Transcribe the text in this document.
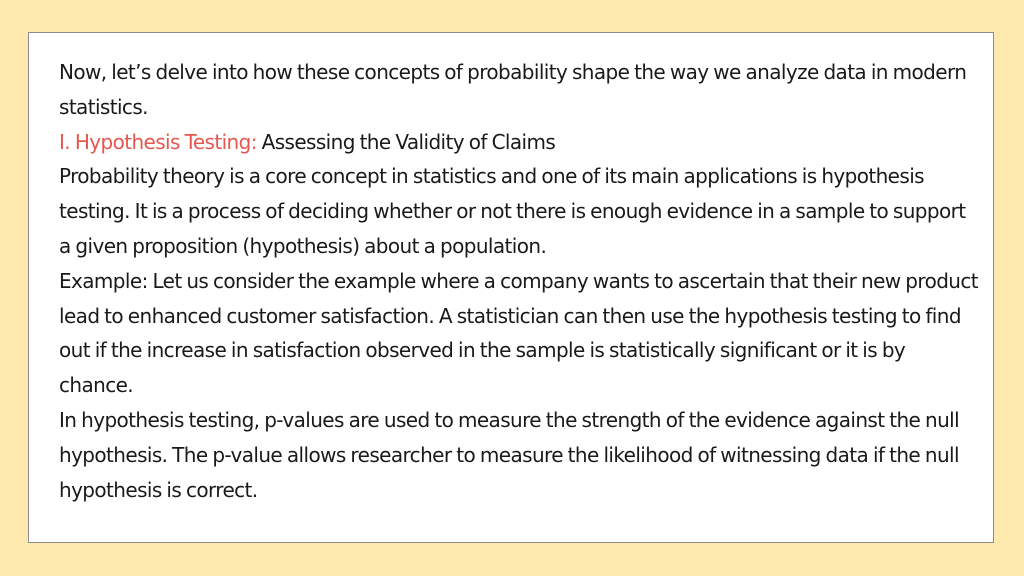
Now, let’s delve into how these concepts of probability shape the way we analyze data in modern statistics.

I. Hypothesis Testing: Assessing the Validity of Claims

Probability theory is a core concept in statistics and one of its main applications is hypothesis testing. It is a process of deciding whether or not there is enough evidence in a sample to support a given proposition (hypothesis) about a population.

Example: Let us consider the example where a company wants to ascertain that their new product lead to enhanced customer satisfaction. A statistician can then use the hypothesis testing to find out if the increase in satisfaction observed in the sample is statistically significant or it is by chance.

In hypothesis testing, p-values are used to measure the strength of the evidence against the null hypothesis. The p-value allows researcher to measure the likelihood of witnessing data if the null hypothesis is correct.
